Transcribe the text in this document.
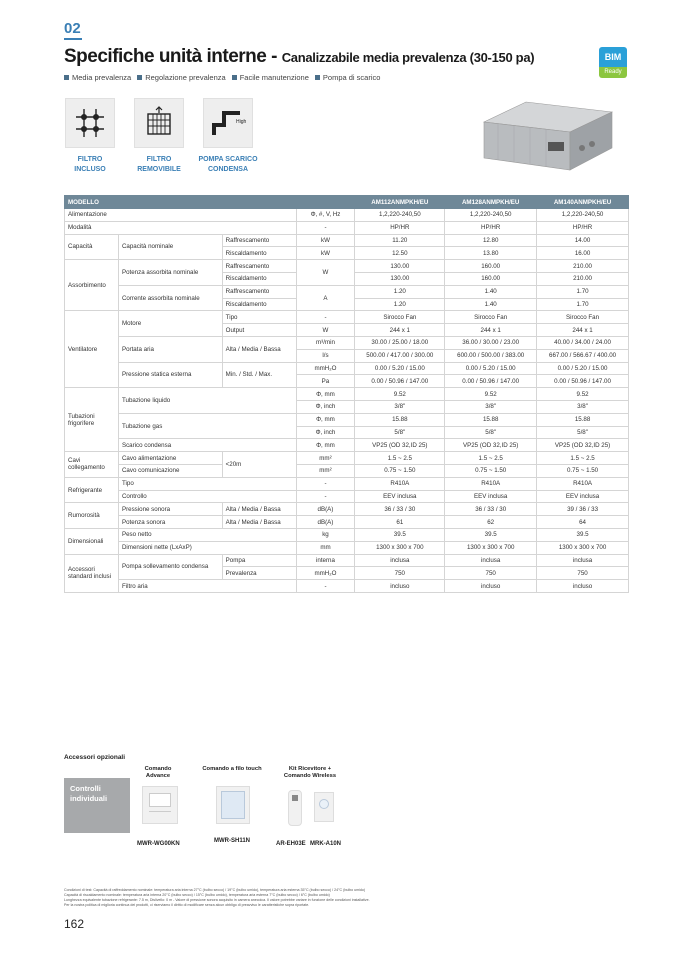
02
Specifiche unità interne - Canalizzabile media prevalenza (30-150 pa)	BIM
Ready
Media prevalenza Regolazione prevalenza Facile manutenzione Pompa di scarico
FILTRO
INCLUSO
FILTRO
REMOVIBILE
High
POMPA SCARICO
CONDENSA
MODELLO				AM112ANMPKH/EU	AM128ANMPKH/EU	AM140ANMPKH/EU
Alimentazione			Φ, #, V, Hz	1,2,220-240,50	1,2,220-240,50	1,2,220-240,50
Modalità			-	HP/HR	HP/HR	HP/HR
Capacità	Capacità nominale	Raffrescamento	kW	11.20	12.80	14.00
		Riscaldamento	kW	12.50	13.80	16.00
Assorbimento	Potenza assorbita nominale	Raffrescamento	W	130.00	160.00	210.00
		Riscaldamento		130.00	160.00	210.00
	Corrente assorbita nominale	Raffrescamento	A	1.20	1.40	1.70
		Riscaldamento		1.20	1.40	1.70
Ventilatore	Motore	Tipo	-	Sirocco Fan	Sirocco Fan	Sirocco Fan
		Output	W	244 x 1	244 x 1	244 x 1
	Portata aria	Alta / Media / Bassa	m³/min	30.00 / 25.00 / 18.00	36.00 / 30.00 / 23.00	40.00 / 34.00 / 24.00
			l/s	500.00 / 417.00 / 300.00	600.00 / 500.00 / 383.00	667.00 / 566.67 / 400.00
	Pressione statica esterna	Min. / Std. / Max.	mmH₂O	0.00 / 5.20 / 15.00	0.00 / 5.20 / 15.00	0.00 / 5.20 / 15.00
			Pa	0.00 / 50.96 / 147.00	0.00 / 50.96 / 147.00	0.00 / 50.96 / 147.00
Tubazioni frigorifere	Tubazione liquido		Φ, mm	9.52	9.52	9.52
			Φ, inch	3/8"	3/8"	3/8"
	Tubazione gas		Φ, mm	15.88	15.88	15.88
			Φ, inch	5/8"	5/8"	5/8"
	Scarico condensa		Φ, mm	VP25 (OD 32,ID 25)	VP25 (OD 32,ID 25)	VP25 (OD 32,ID 25)
Cavi collegamento	Cavo alimentazione	<20m	mm²	1.5 ~ 2.5	1.5 ~ 2.5	1.5 ~ 2.5
	Cavo comunicazione		mm²	0.75 ~ 1.50	0.75 ~ 1.50	0.75 ~ 1.50
Refrigerante	Tipo		-	R410A	R410A	R410A
	Controllo		-	EEV inclusa	EEV inclusa	EEV inclusa
Rumorosità	Pressione sonora	Alta / Media / Bassa	dB(A)	36 / 33 / 30	36 / 33 / 30	39 / 36 / 33
	Potenza sonora	Alta / Media / Bassa	dB(A)	61	62	64
Dimensionali	Peso netto		kg	39.5	39.5	39.5
	Dimensioni nette (LxAxP)		mm	1300 x 300 x 700	1300 x 300 x 700	1300 x 300 x 700
Accessori standard inclusi	Pompa sollevamento condensa	Pompa	interna	inclusa	inclusa	inclusa
		Prevalenza	mmH₂O	750	750	750
	Filtro aria		-	incluso	incluso	incluso
Accessori opzionali
Controlli individuali
Comando Advance
Comando a filo touch	Kit Ricevitore + Comando Wireless
MWR-WG00KN	MWR-SH11N	AR-EH03E MRK-A10N
Condizioni di test: Capacità di raffreddamento nominale: temperatura aria interna 27°C (bulbo secco) / 19°C (bulbo umido), temperatura aria esterna 35°C (bulbo secco) / 24°C (bulbo umido)
Capacità di riscaldamento nominale: temperatura aria interna 20°C (bulbo secco) / 15°C (bulbo umido), temperatura aria esterna 7°C (bulbo secco) / 6°C (bulbo umido)
Lunghezza equivalente tubazione refrigerante: 7.5 m, Dislivello: 0 m - Valore di pressione sonora acquisito in camera anecoica. Il valore potrebbe variare in funzione delle condizioni installative.
Per la nostra politica di miglioria continua dei prodotti, ci riserviamo il diritto di modificare senza alcun obbligo di preavviso le caratteristiche sopra riportate.
162
